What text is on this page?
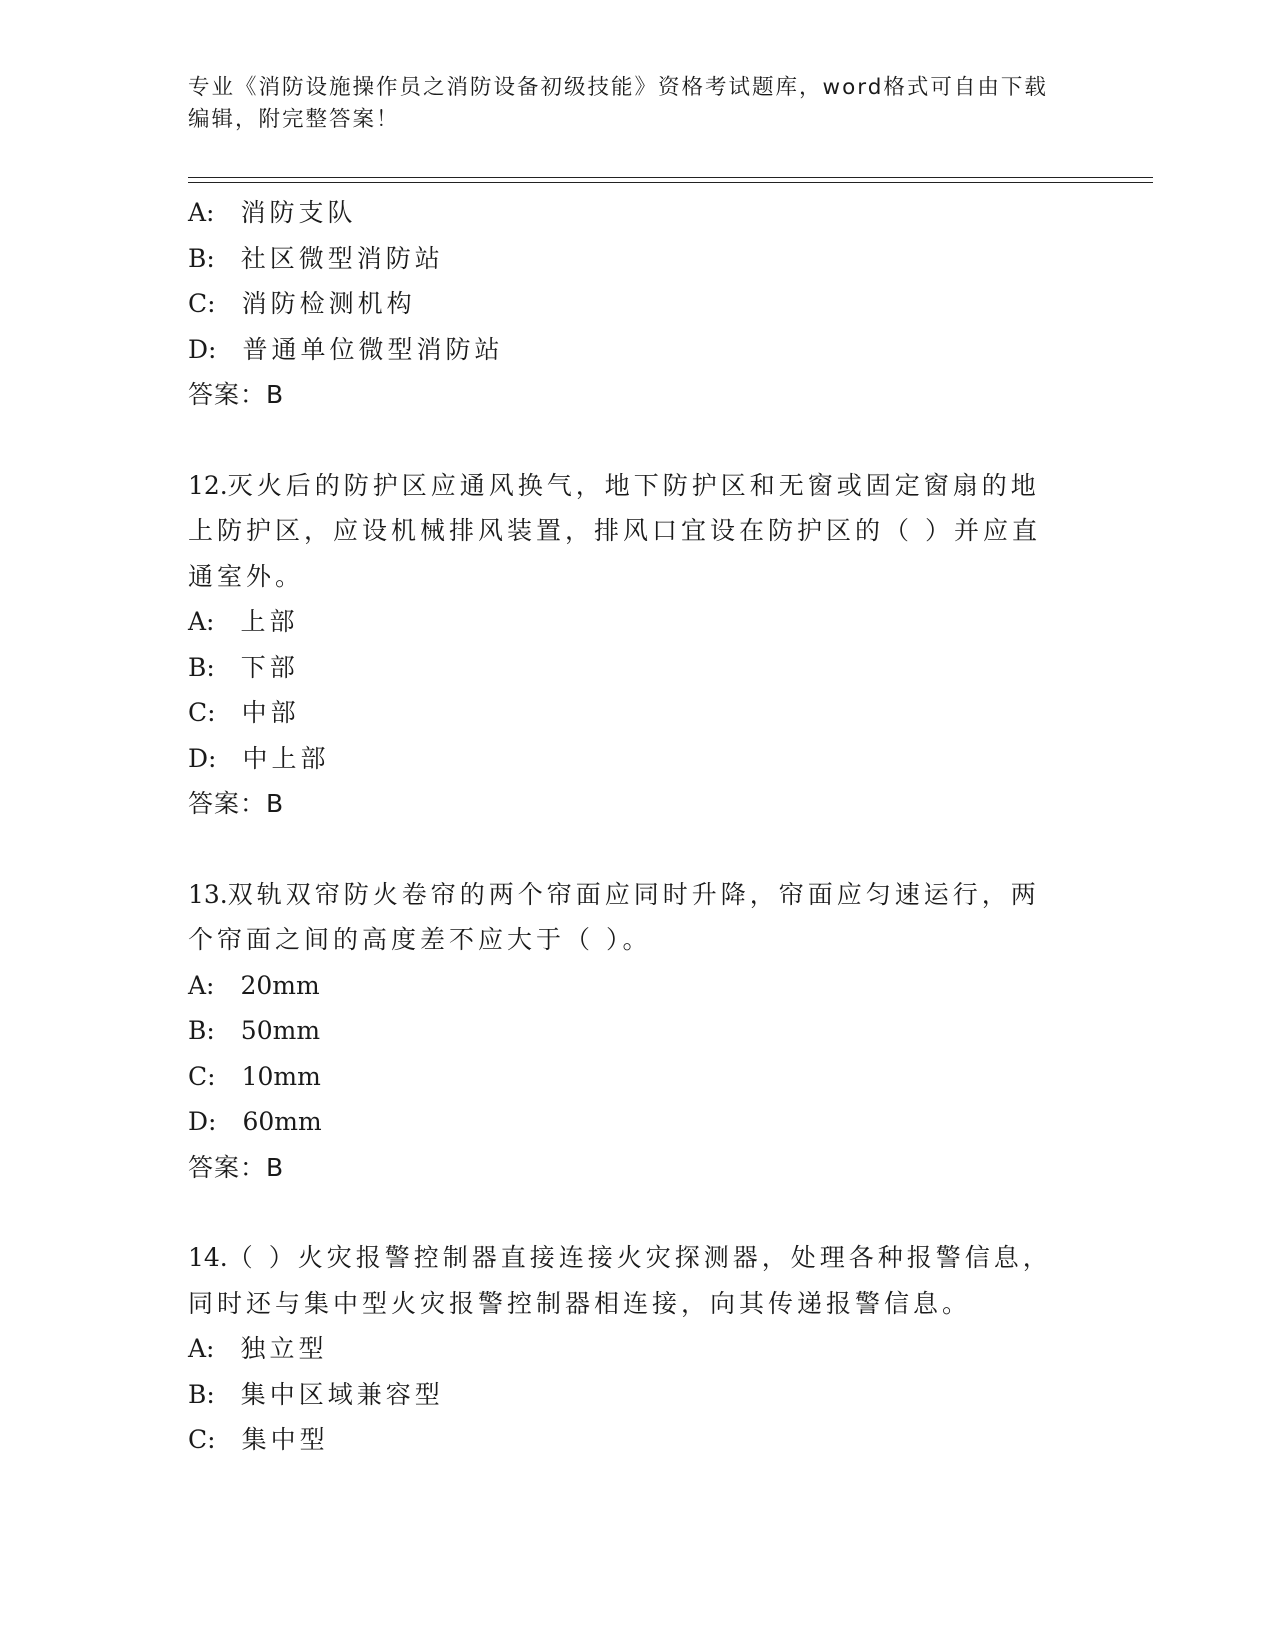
专业《消防设施操作员之消防设备初级技能》资格考试题库，word格式可自由下载编辑，附完整答案！
A: 消防支队
B: 社区微型消防站
C: 消防检测机构
D: 普通单位微型消防站
答案：B
12.灭火后的防护区应通风换气，地下防护区和无窗或固定窗扇的地上防护区，应设机械排风装置，排风口宜设在防护区的（ ）并应直通室外。
A: 上部
B: 下部
C: 中部
D: 中上部
答案：B
13.双轨双帘防火卷帘的两个帘面应同时升降，帘面应匀速运行，两个帘面之间的高度差不应大于（ ）。
A: 20mm
B: 50mm
C: 10mm
D: 60mm
答案：B
14.（ ）火灾报警控制器直接连接火灾探测器，处理各种报警信息，同时还与集中型火灾报警控制器相连接，向其传递报警信息。
A: 独立型
B: 集中区域兼容型
C: 集中型
